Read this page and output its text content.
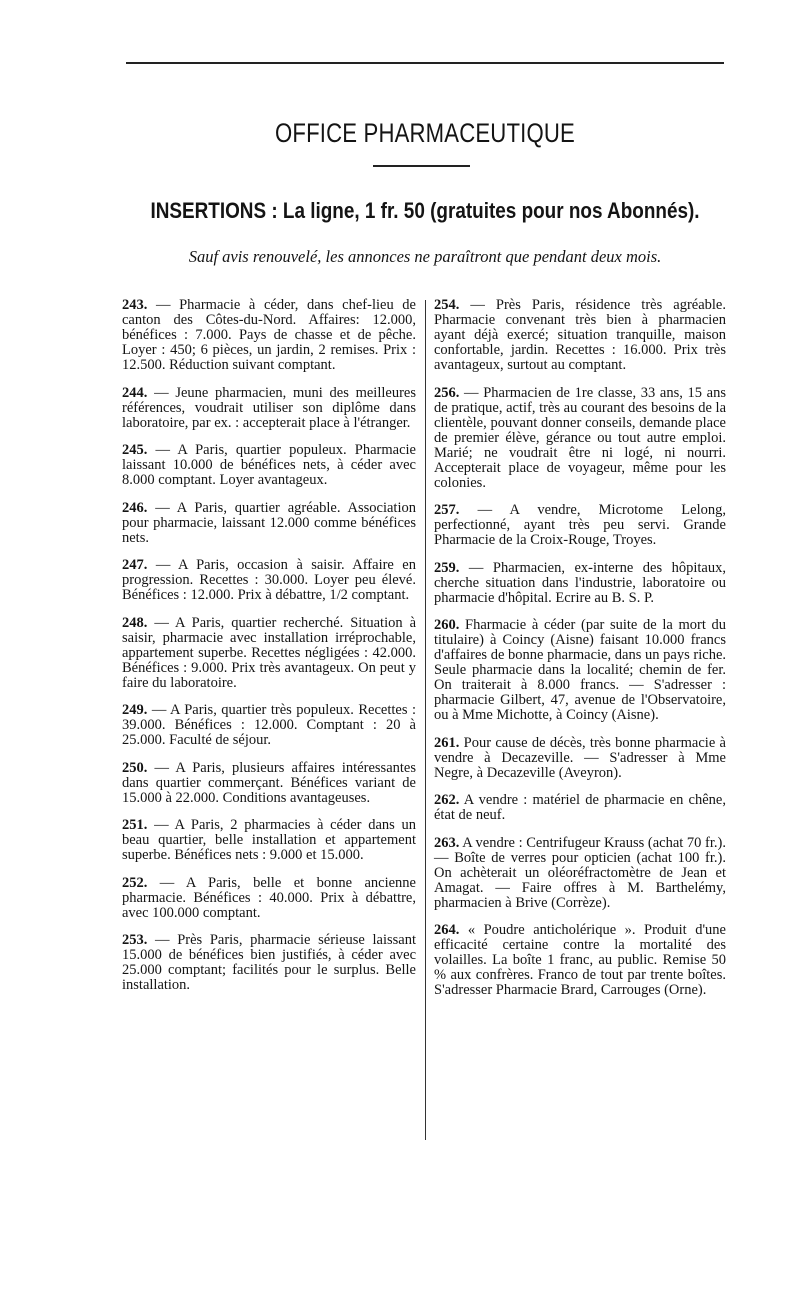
OFFICE PHARMACEUTIQUE
INSERTIONS : La ligne, 1 fr. 50 (gratuites pour nos Abonnés).
Sauf avis renouvelé, les annonces ne paraîtront que pendant deux mois.

243. — Pharmacie à céder, dans chef-lieu de canton des Côtes-du-Nord. Affaires: 12.000, bénéfices : 7.000. Pays de chasse et de pêche. Loyer : 450; 6 pièces, un jardin, 2 remises. Prix : 12.500. Réduction suivant comptant.

244. — Jeune pharmacien, muni des meilleures références, voudrait utiliser son diplôme dans laboratoire, par ex. : accepterait place à l'étranger.

245. — A Paris, quartier populeux. Pharmacie laissant 10.000 de bénéfices nets, à céder avec 8.000 comptant. Loyer avantageux.

246. — A Paris, quartier agréable. Association pour pharmacie, laissant 12.000 comme bénéfices nets.

247. — A Paris, occasion à saisir. Affaire en progression. Recettes : 30.000. Loyer peu élevé. Bénéfices : 12.000. Prix à débattre, 1/2 comptant.

248. — A Paris, quartier recherché. Situation à saisir, pharmacie avec installation irréprochable, appartement superbe. Recettes négligées : 42.000. Bénéfices : 9.000. Prix très avantageux. On peut y faire du laboratoire.

249. — A Paris, quartier très populeux. Recettes : 39.000. Bénéfices : 12.000. Comptant : 20 à 25.000. Faculté de séjour.

250. — A Paris, plusieurs affaires intéressantes dans quartier commerçant. Bénéfices variant de 15.000 à 22.000. Conditions avantageuses.

251. — A Paris, 2 pharmacies à céder dans un beau quartier, belle installation et appartement superbe. Bénéfices nets : 9.000 et 15.000.

252. — A Paris, belle et bonne ancienne pharmacie. Bénéfices : 40.000. Prix à débattre, avec 100.000 comptant.

253. — Près Paris, pharmacie sérieuse laissant 15.000 de bénéfices bien justifiés, à céder avec 25.000 comptant; facilités pour le surplus. Belle installation.

254. — Près Paris, résidence très agréable. Pharmacie convenant très bien à pharmacien ayant déjà exercé; situation tranquille, maison confortable, jardin. Recettes : 16.000. Prix très avantageux, surtout au comptant.

256. — Pharmacien de 1re classe, 33 ans, 15 ans de pratique, actif, très au courant des besoins de la clientèle, pouvant donner conseils, demande place de premier élève, gérance ou tout autre emploi. Marié; ne voudrait être ni logé, ni nourri. Accepterait place de voyageur, même pour les colonies.

257. — A vendre, Microtome Lelong, perfectionné, ayant très peu servi. Grande Pharmacie de la Croix-Rouge, Troyes.

259. — Pharmacien, ex-interne des hôpitaux, cherche situation dans l'industrie, laboratoire ou pharmacie d'hôpital. Ecrire au B. S. P.

260. Fharmacie à céder (par suite de la mort du titulaire) à Coincy (Aisne) faisant 10.000 francs d'affaires de bonne pharmacie, dans un pays riche. Seule pharmacie dans la localité; chemin de fer. On traiterait à 8.000 francs. — S'adresser : pharmacie Gilbert, 47, avenue de l'Observatoire, ou à Mme Michotte, à Coincy (Aisne).

261. Pour cause de décès, très bonne pharmacie à vendre à Decazeville. — S'adresser à Mme Negre, à Decazeville (Aveyron).

262. A vendre : matériel de pharmacie en chêne, état de neuf.

263. A vendre : Centrifugeur Krauss (achat 70 fr.). — Boîte de verres pour opticien (achat 100 fr.). On achèterait un oléoréfractomètre de Jean et Amagat. — Faire offres à M. Barthelémy, pharmacien à Brive (Corrèze).

264. « Poudre anticholérique ». Produit d'une efficacité certaine contre la mortalité des volailles. La boîte 1 franc, au public. Remise 50 % aux confrères. Franco de tout par trente boîtes. S'adresser Pharmacie Brard, Carrouges (Orne).
